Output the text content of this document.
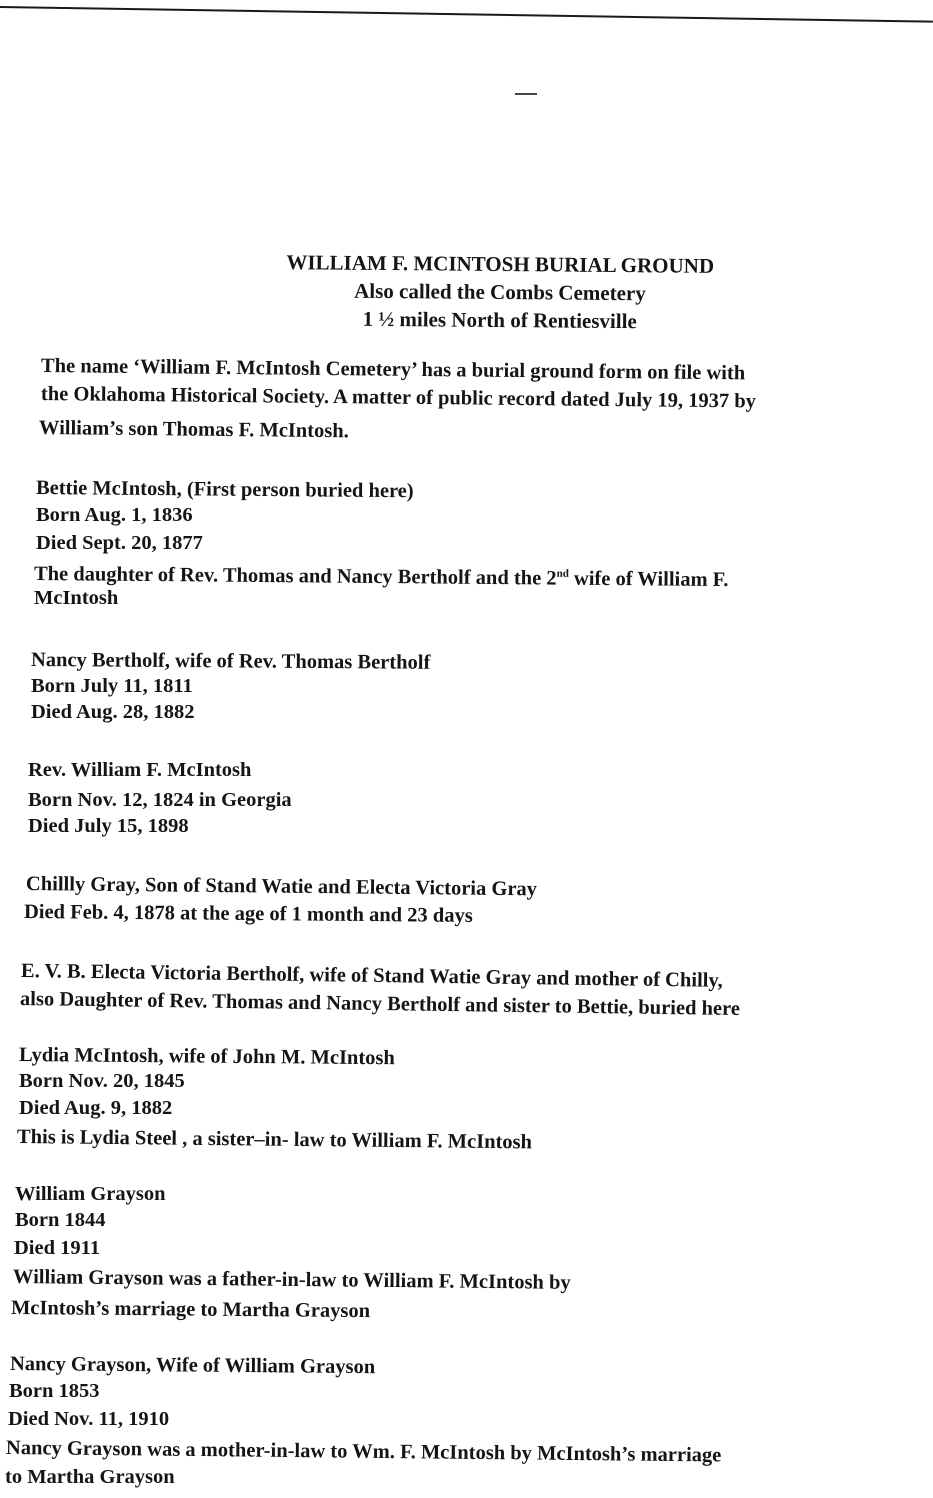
WILLIAM F. MCINTOSH BURIAL GROUND
Also called the Combs Cemetery
1 ½ miles North of Rentiesville
The name ‘William F. McIntosh Cemetery’ has a burial ground form on file with
the Oklahoma Historical Society. A matter of public record dated July 19, 1937 by
William’s son Thomas F. McIntosh.
Bettie McIntosh, (First person buried here)
Born Aug. 1, 1836
Died Sept. 20, 1877
The daughter of Rev. Thomas and Nancy Bertholf and the 2nd wife of William F.
McIntosh
Nancy Bertholf, wife of Rev. Thomas Bertholf
Born July 11, 1811
Died Aug. 28, 1882
Rev. William F. McIntosh
Born Nov. 12, 1824 in Georgia
Died July 15, 1898
Chillly Gray, Son of Stand Watie and Electa Victoria Gray
Died Feb. 4, 1878 at the age of 1 month and 23 days
E. V. B. Electa Victoria Bertholf, wife of Stand Watie Gray and mother of Chilly,
also Daughter of Rev. Thomas and Nancy Bertholf and sister to Bettie, buried here
Lydia McIntosh, wife of John M. McIntosh
Born Nov. 20, 1845
Died Aug. 9, 1882
This is Lydia Steel , a sister–in- law to William F. McIntosh
William Grayson
Born 1844
Died 1911
William Grayson was a father-in-law to William F. McIntosh by
McIntosh’s marriage to Martha Grayson
Nancy Grayson, Wife of William Grayson
Born 1853
Died Nov. 11, 1910
Nancy Grayson was a mother-in-law to Wm. F. McIntosh by McIntosh’s marriage
to Martha Grayson
